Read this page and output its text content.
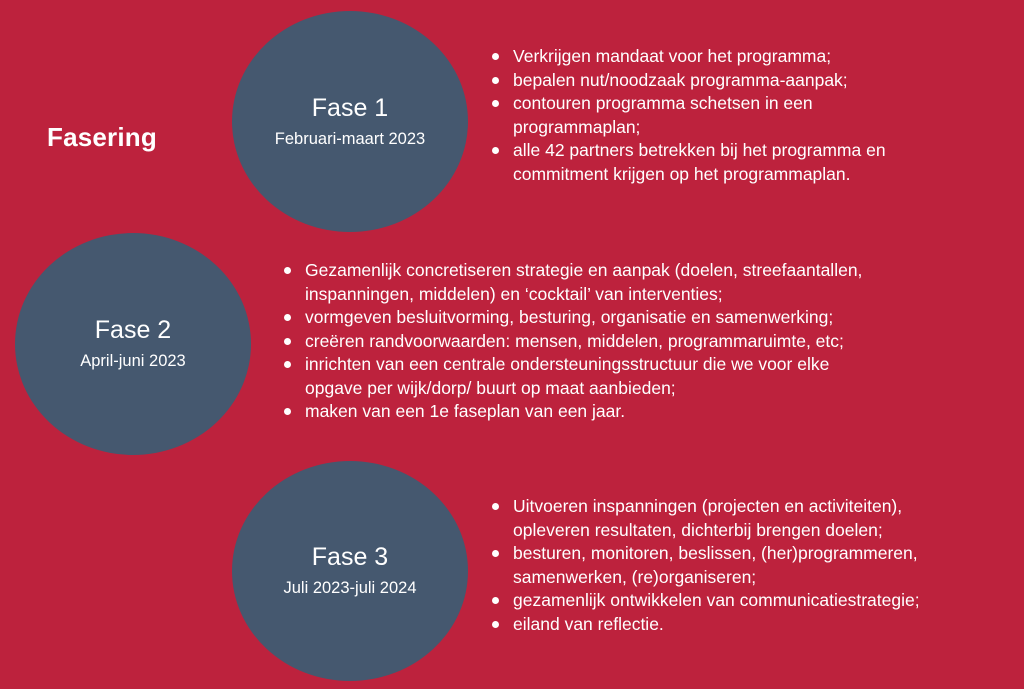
Fasering
Fase 1
Februari-maart 2023
Verkrijgen mandaat voor het programma;
bepalen nut/noodzaak programma-aanpak;
contouren programma schetsen in een
programmaplan;
alle 42 partners betrekken bij het programma en
commitment krijgen op het programmaplan.
Fase 2
April-juni 2023
Gezamenlijk concretiseren strategie en aanpak (doelen, streefaantallen,
inspanningen, middelen) en ‘cocktail’ van interventies;
vormgeven besluitvorming, besturing, organisatie en samenwerking;
creëren randvoorwaarden: mensen, middelen, programmaruimte, etc;
inrichten van een centrale ondersteuningsstructuur die we voor elke
opgave per wijk/dorp/ buurt op maat aanbieden;
maken van een 1e faseplan van een jaar.
Fase 3
Juli 2023-juli 2024
Uitvoeren inspanningen (projecten en activiteiten),
opleveren resultaten, dichterbij brengen doelen;
besturen, monitoren, beslissen, (her)programmeren,
samenwerken, (re)organiseren;
gezamenlijk ontwikkelen van communicatiestrategie;
eiland van reflectie.
